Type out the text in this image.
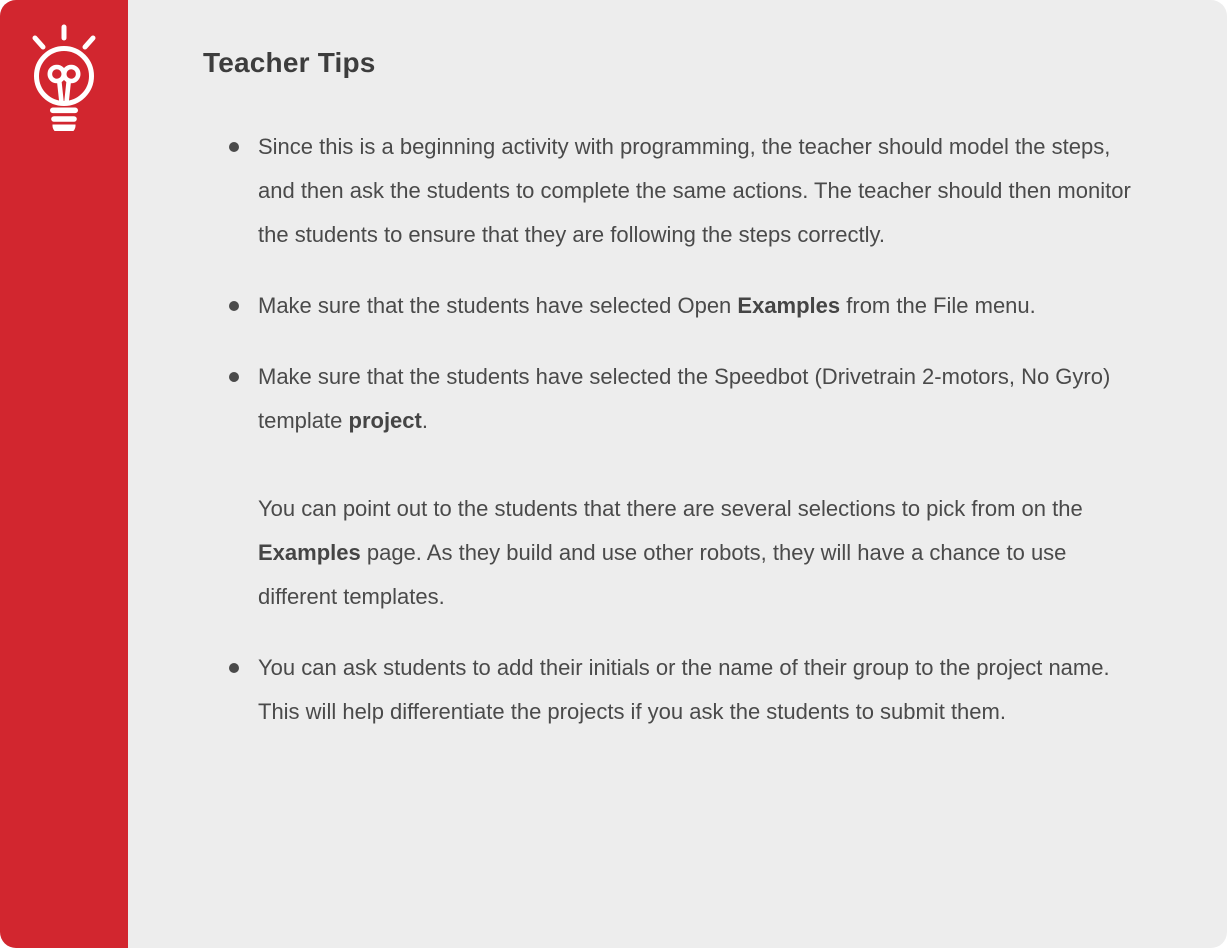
Teacher Tips
Since this is a beginning activity with programming, the teacher should model the steps, and then ask the students to complete the same actions. The teacher should then monitor the students to ensure that they are following the steps correctly.
Make sure that the students have selected Open Examples from the File menu.
Make sure that the students have selected the Speedbot (Drivetrain 2-motors, No Gyro) template project.
You can point out to the students that there are several selections to pick from on the Examples page. As they build and use other robots, they will have a chance to use different templates.
You can ask students to add their initials or the name of their group to the project name. This will help differentiate the projects if you ask the students to submit them.
